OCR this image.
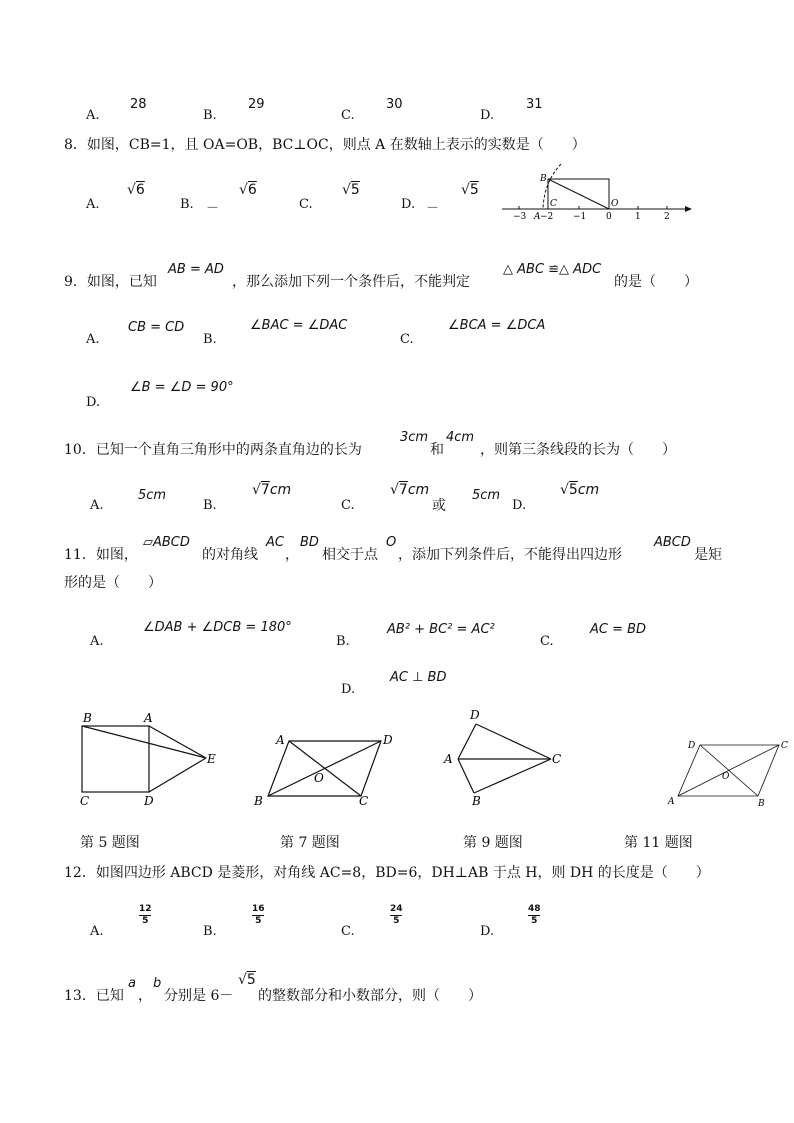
A.
28
B.
29
C.
30
D.
31
8．如图，CB=1，且 OA=OB，BC⊥OC，则点 A 在数轴上表示的实数是（　　）
A.
√6
B. －
√6
C.
√5
D. －
√5
B
C	O
A
−3 −2 −1 0	1	2
9．如图，已知
AB = AD
，那么添加下列一个条件后，不能判定
△ ABC ≌△ ADC
的是（　　）
A.
CB = CD
B.
∠BAC = ∠DAC
C.
∠BCA = ∠DCA
D.
∠B = ∠D = 90°
10．已知一个直角三角形中的两条直角边的长为
3cm
和
4cm
，则第三条线段的长为（　　）
A.
5cm
B.
√7cm
C.
√7cm
或
5cm
D.
√5cm
11．如图，
▱ABCD
的对角线
AC
，
BD
相交于点
O
，添加下列条件后，不能得出四边形
ABCD
是矩
形的是（　　）
A.
∠DAB + ∠DCB = 180°
B.
AB² + BC² = AC²
C.
AC = BD
D.
AC ⊥ BD
B	A
E
C	D
A	D
O
B	C
D
A	C
B
D	C
O
A	B
第 5 题图	第 7 题图	第 9 题图	第 11 题图
12．如图四边形 ABCD 是菱形，对角线 AC=8，BD=6，DH⊥AB 于点 H，则 DH 的长度是（　　）
A.
12
5
B.
16
5
C.
24
5
D.
48
5
13．已知
a
，
b
分别是 6－
√5
的整数部分和小数部分，则（　　）
